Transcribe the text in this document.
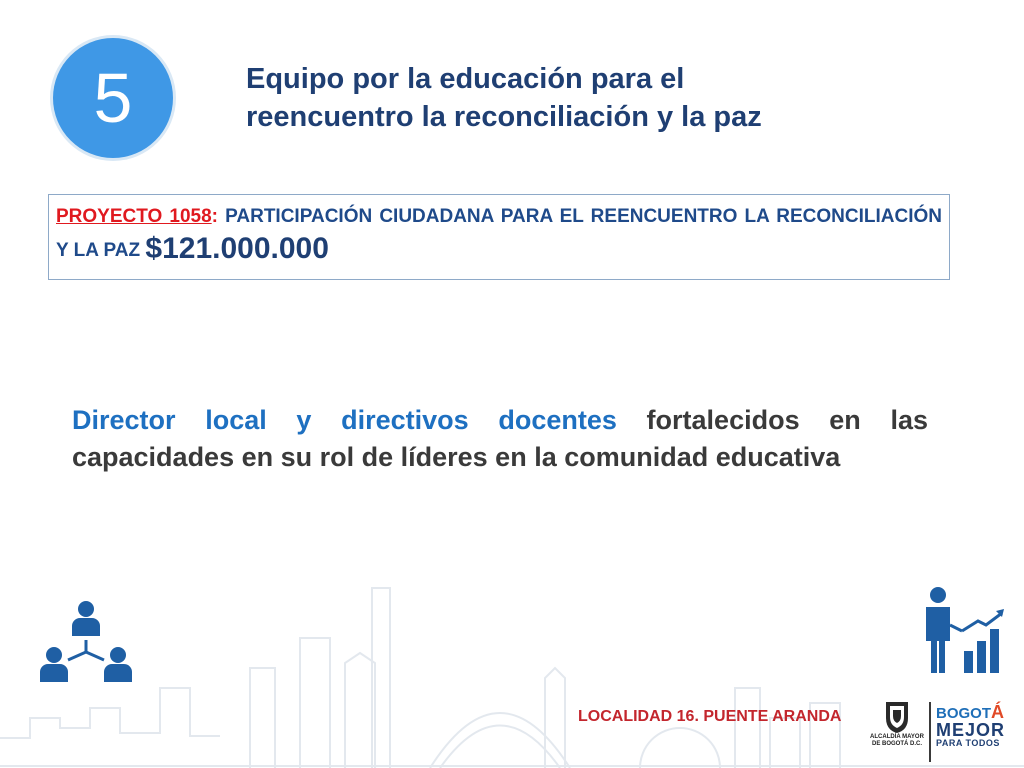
5	Equipo por la educación para el
reencuentro la reconciliación y la paz
PROYECTO 1058: PARTICIPACIÓN CIUDADANA PARA EL REENCUENTRO LA RECONCILIACIÓN Y LA PAZ $121.000.000

Director local y directivos docentes fortalecidos en las capacidades en su rol de líderes en la comunidad educativa

LOCALIDAD 16. PUENTE ARANDA
ALCALDÍA MAYOR
DE BOGOTÁ D.C.
BOGOTÁ
MEJOR
PARA TODOS
